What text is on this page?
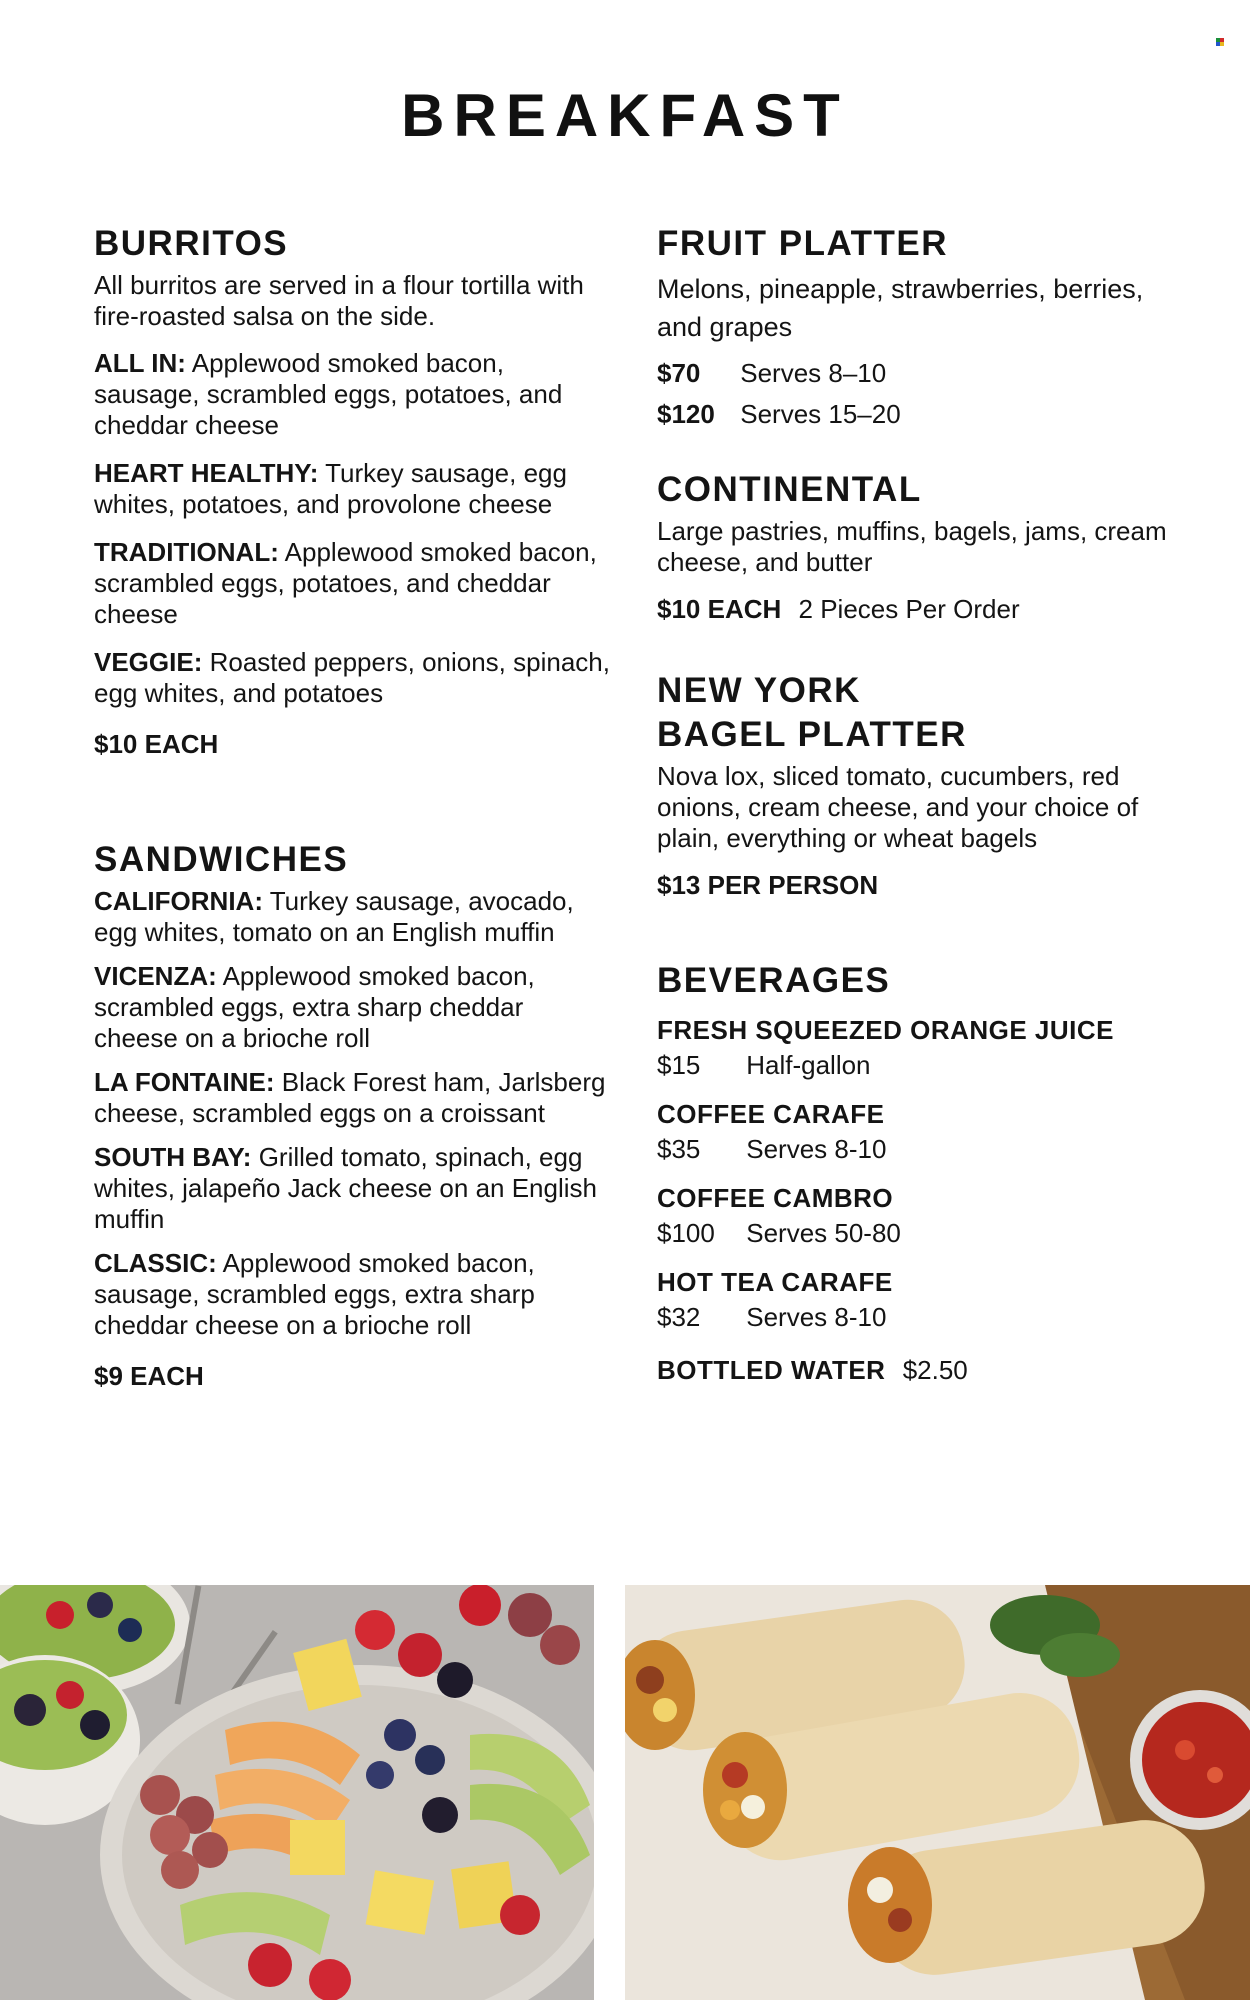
BREAKFAST
BURRITOS
All burritos are served in a flour tortilla with fire-roasted salsa on the side.
ALL IN: Applewood smoked bacon, sausage, scrambled eggs, potatoes, and cheddar cheese
HEART HEALTHY: Turkey sausage, egg whites, potatoes, and provolone cheese
TRADITIONAL: Applewood smoked bacon, scrambled eggs, potatoes, and cheddar cheese
VEGGIE: Roasted peppers, onions, spinach, egg whites, and potatoes
$10 EACH
SANDWICHES
CALIFORNIA: Turkey sausage, avocado, egg whites, tomato on an English muffin
VICENZA: Applewood smoked bacon, scrambled eggs, extra sharp cheddar cheese on a brioche roll
LA FONTAINE: Black Forest ham, Jarlsberg cheese, scrambled eggs on a croissant
SOUTH BAY: Grilled tomato, spinach, egg whites, jalapeño Jack cheese on an English muffin
CLASSIC: Applewood smoked bacon, sausage, scrambled eggs, extra sharp cheddar cheese on a brioche roll
$9 EACH
FRUIT PLATTER
Melons, pineapple, strawberries, berries, and grapes
$70 Serves 8–10
$120 Serves 15–20
CONTINENTAL
Large pastries, muffins, bagels, jams, cream cheese, and butter
$10 EACH 2 Pieces Per Order
NEW YORK
BAGEL PLATTER
Nova lox, sliced tomato, cucumbers, red onions, cream cheese, and your choice of plain, everything or wheat bagels
$13 PER PERSON
BEVERAGES
FRESH SQUEEZED ORANGE JUICE
$15 Half-gallon
COFFEE CARAFE
$35 Serves 8-10
COFFEE CAMBRO
$100 Serves 50-80
HOT TEA CARAFE
$32 Serves 8-10
BOTTLED WATER $2.50
